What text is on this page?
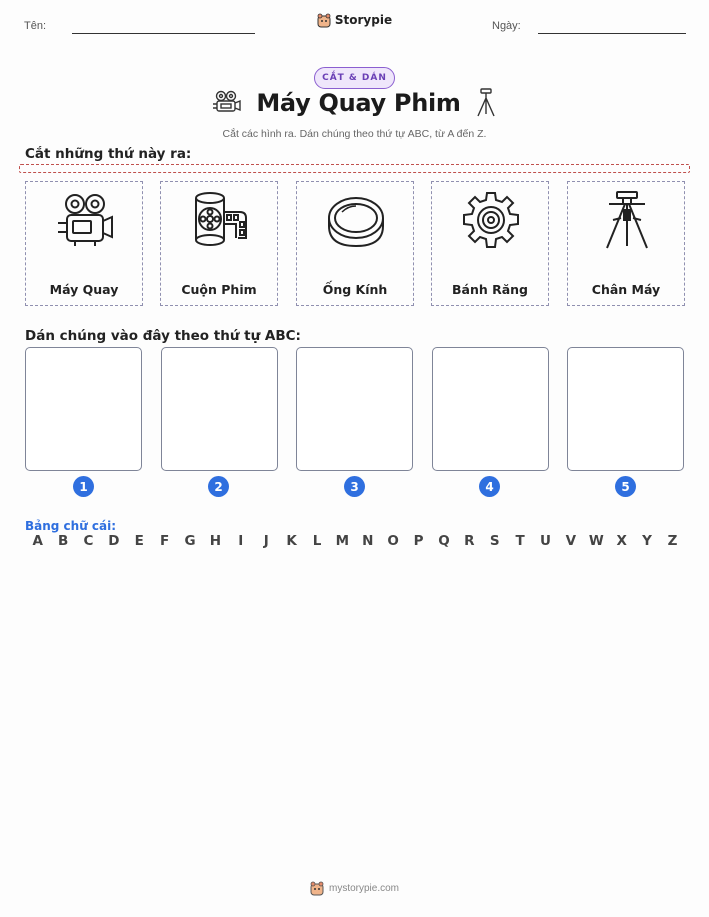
Tên:	Storypie	Ngày:
CẮT & DÁN
Máy Quay Phim
Cắt các hình ra. Dán chúng theo thứ tự ABC, từ A đến Z.
Cắt những thứ này ra:
Máy Quay	Cuộn Phim	Ống Kính	Bánh Răng	Chân Máy
Dán chúng vào đây theo thứ tự ABC:
1	2	3	4	5
Bảng chữ cái:
A	B	C	D	E	F	G	H	I	J	K	L	M N	O	P	Q	R	S	T	U	V W X	Y	Z
mystorypie.com
